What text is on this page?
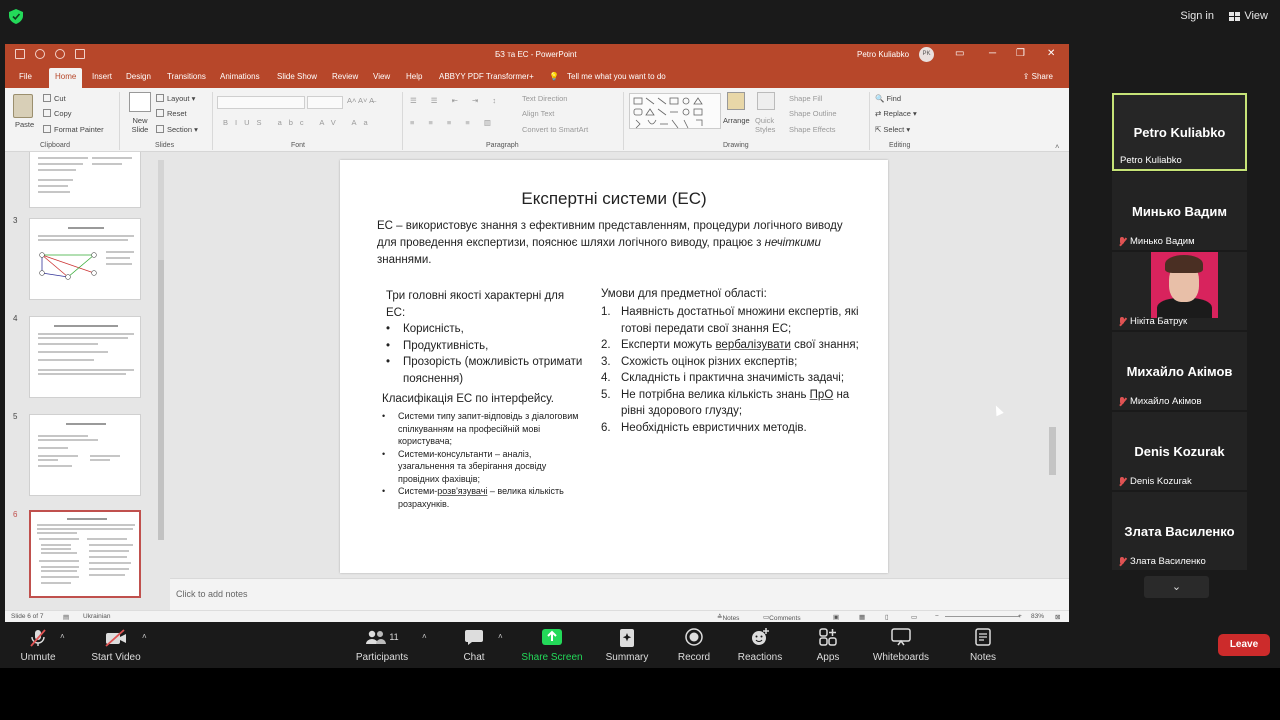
Sign in	View
БЗ та ЕС - PowerPoint	Petro Kuliabko	PK	▭ ─ ❐ ✕
File	Home	Insert Design Transitions Animations Slide Show Review View Help ABBYY PDF Transformer+ 💡 Tell me what you want to do	⇪ Share
Paste
Cut
Copy
Format Painter
Clipboard
New Slide
Layout ▾
Reset
Section ▾
Slides
A˄ A˅ A̶
BIUS abc AV Aa
Font
☰ ☰ ⇤ ⇥ ↕
≡ ≡ ≡ ≡ ▥
Text Direction
Align Text
Convert to SmartArt
Paragraph
Arrange Quick Styles
Shape Fill
Shape Outline
Shape Effects
Drawing
🔍 Find
⇄ Replace ▾
⇱ Select ▾
Editing	˄
3
4
5
6
Експертні системи (ЕС)
ЕС – використовує знання з ефективним представленням, процедури логічного виводу для проведення експертизи, пояснює шляхи логічного виводу, працює з нечіткими знаннями.
Три головні якості характерні для ЕС:
• Корисність,
• Продуктивність,
• Прозорість (можливість отримати пояснення)
Класифікація ЕС по інтерфейсу.
• Системи типу запит-відповідь з діалоговим спілкуванням на професійній мові користувача;
• Системи-консультанти – аналіз, узагальнення та зберігання досвіду провідних фахівців;
• Системи-розв'язувачі – велика кількість розрахунків.
Умови для предметної області:
1. Наявність достатньої множини експертів, які готові передати свої знання ЕС;
2. Експерти можуть вербалізувати свої знання;
3. Схожість оцінок різних експертів;
4. Складність і практична значимість задачі;
5. Не потрібна велика кількість знань ПрО на рівні здорового глузду;
6. Необхідність евристичних методів.
Click to add notes
Slide 6 of 7	▤ Ukrainian	≙ Notes	▭ Comments	▣	▦	▯	▭	−	+ 83% ⊠
Petro Kuliabko
Petro Kuliabko
Минько Вадим
Минько Вадим
Нікіта Батрук
Михайло Акімов
Михайло Акімов
Denis Kozurak
Denis Kozurak
Злата Василенко
Злата Василенко
⌄
Unmute
˄
Start Video
˄	11
Participants
˄
Chat
˄
Share Screen	Summary	Record	Reactions	Apps	Whiteboards	Notes
Leave
